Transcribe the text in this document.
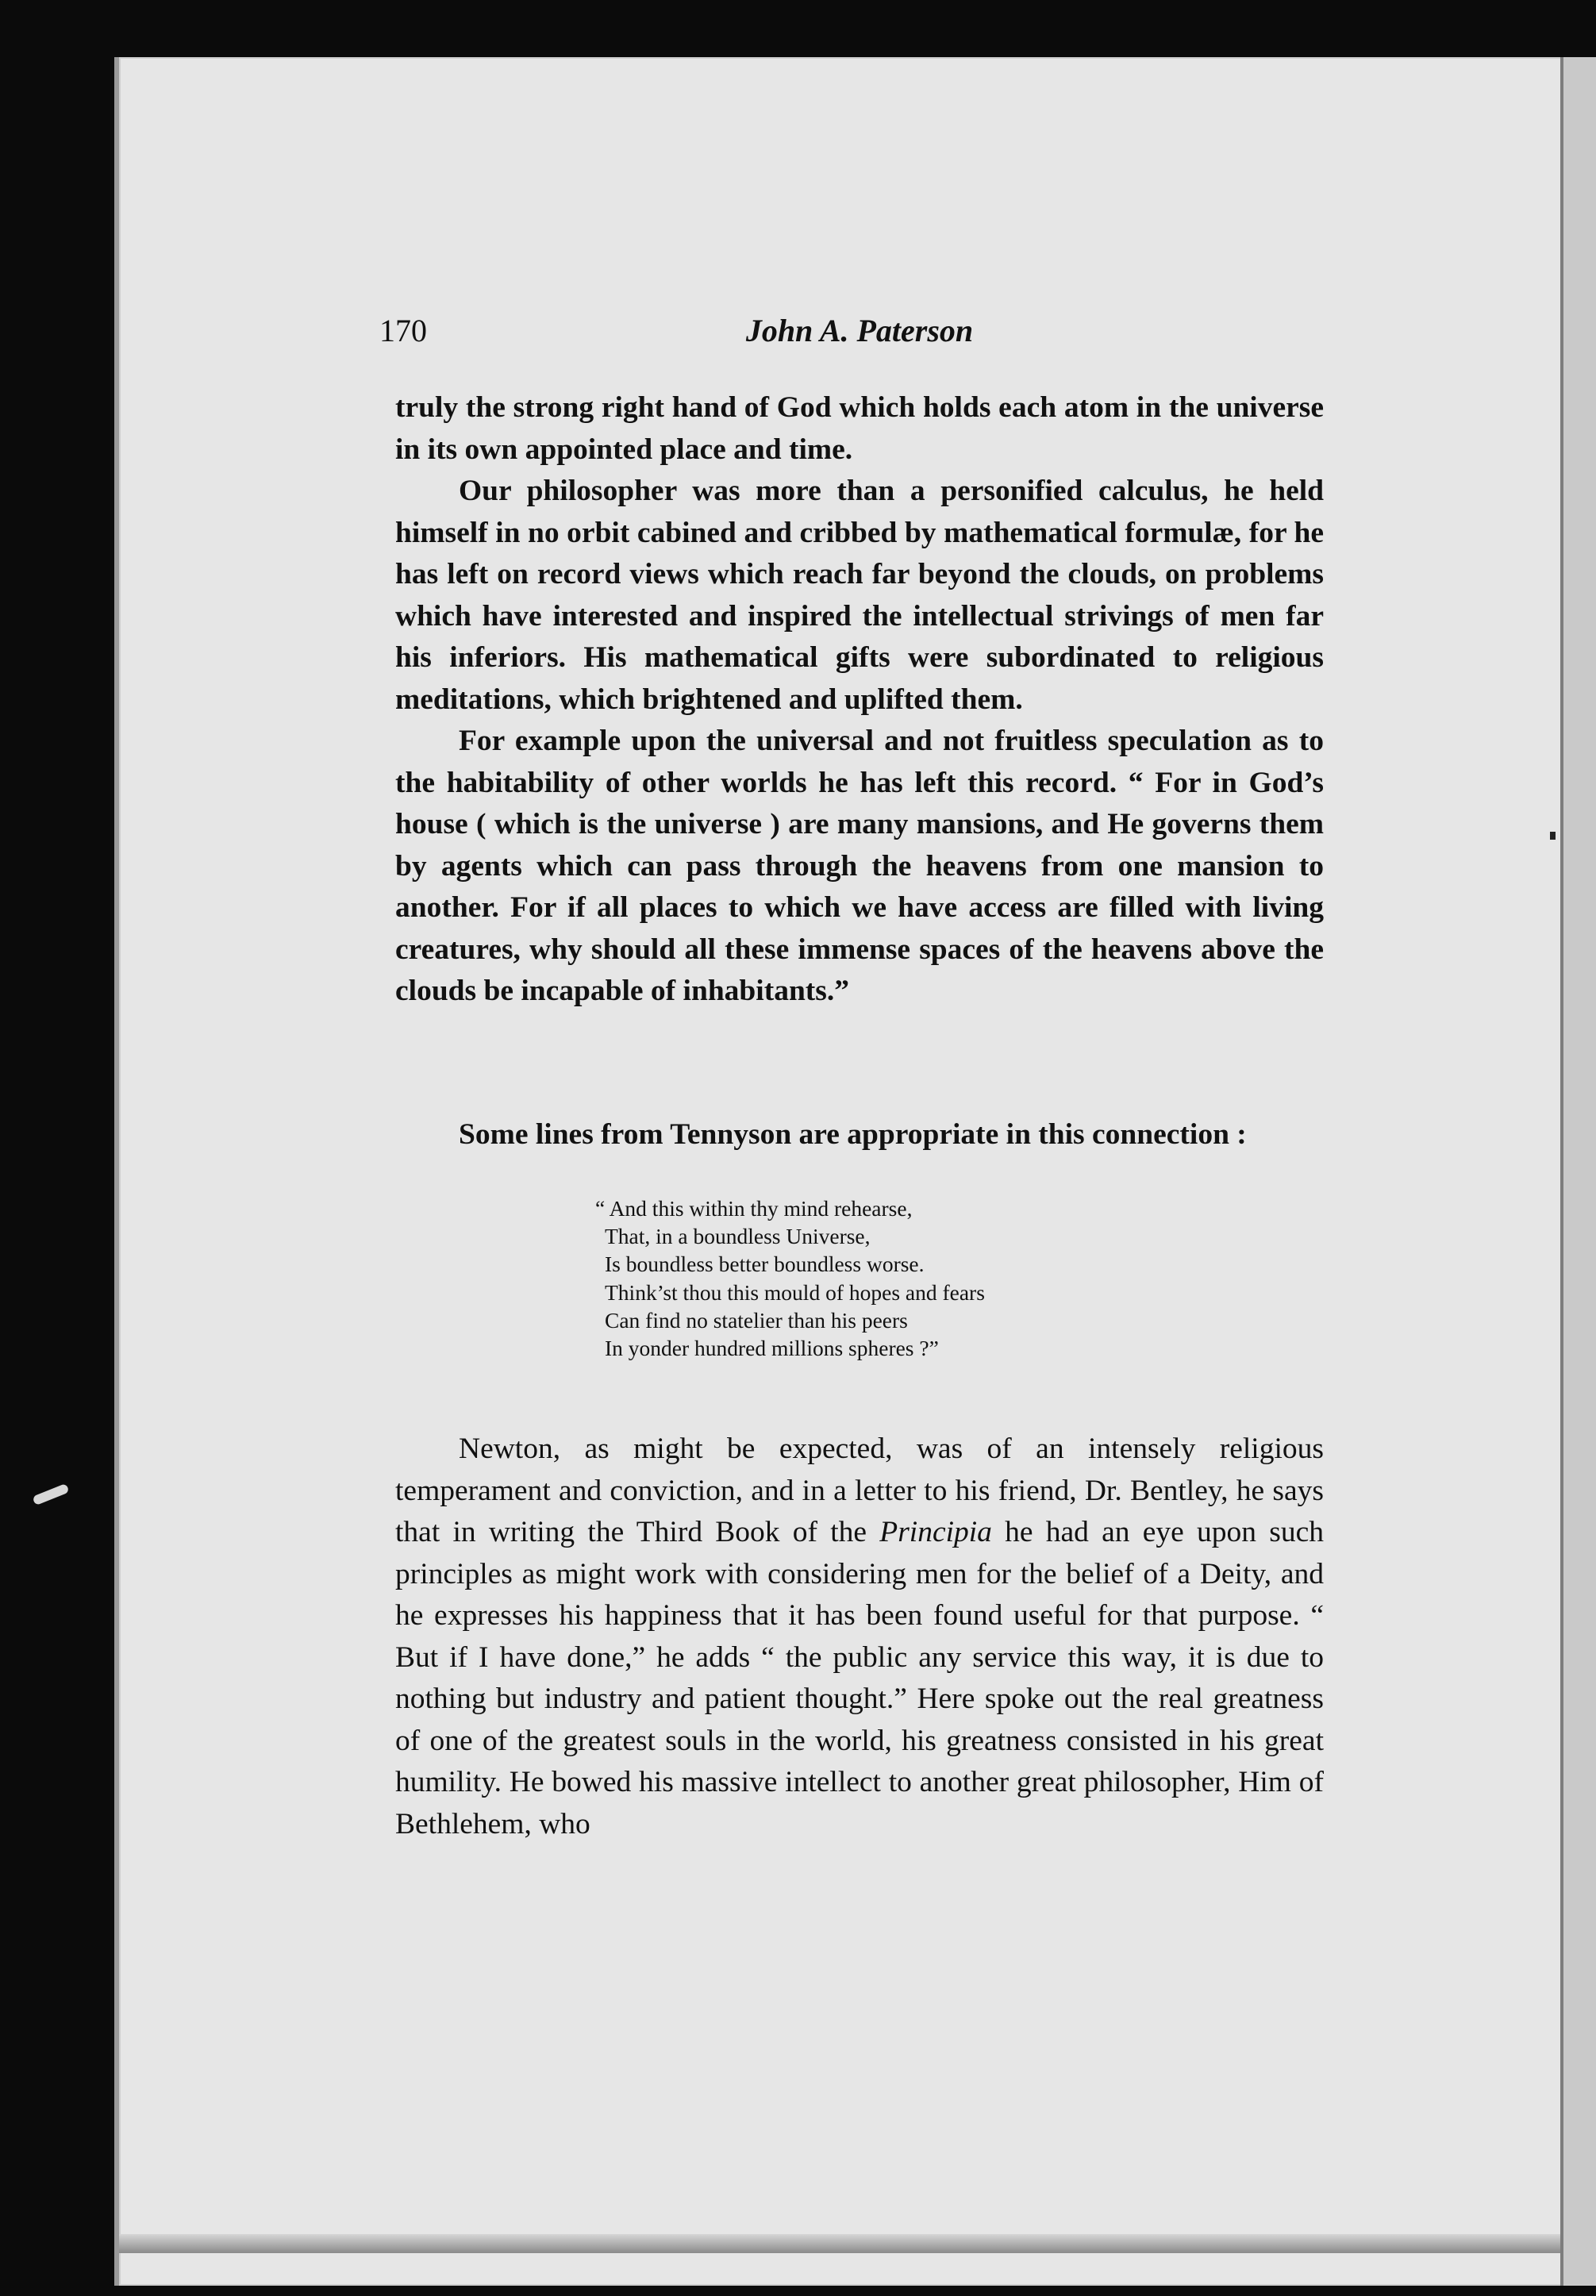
170	John A. Paterson

truly the strong right hand of God which holds each atom in the universe in its own appointed place and time.

Our philosopher was more than a personified calculus, he held himself in no orbit cabined and cribbed by mathematical formulæ, for he has left on record views which reach far beyond the clouds, on problems which have interested and inspired the intellectual strivings of men far his inferiors. His mathematical gifts were subordinated to religious meditations, which brightened and uplifted them.

For example upon the universal and not fruitless speculation as to the habitability of other worlds he has left this record. “ For in God’s house ( which is the universe ) are many mansions, and He governs them by agents which can pass through the heavens from one mansion to another. For if all places to which we have access are filled with living creatures, why should all these immense spaces of the heavens above the clouds be incapable of inhabitants.”

Some lines from Tennyson are appropriate in this connection :

“ And this within thy mind rehearse,
That, in a boundless Universe,
Is boundless better boundless worse.
Think’st thou this mould of hopes and fears
Can find no statelier than his peers
In yonder hundred millions spheres ?”

Newton, as might be expected, was of an intensely religious temperament and conviction, and in a letter to his friend, Dr. Bentley, he says that in writing the Third Book of the Principia he had an eye upon such principles as might work with considering men for the belief of a Deity, and he expresses his happiness that it has been found useful for that purpose. “ But if I have done,” he adds “ the public any service this way, it is due to nothing but industry and patient thought.” Here spoke out the real greatness of one of the greatest souls in the world, his greatness consisted in his great humility. He bowed his massive intellect to another great philosopher, Him of Bethlehem, who
